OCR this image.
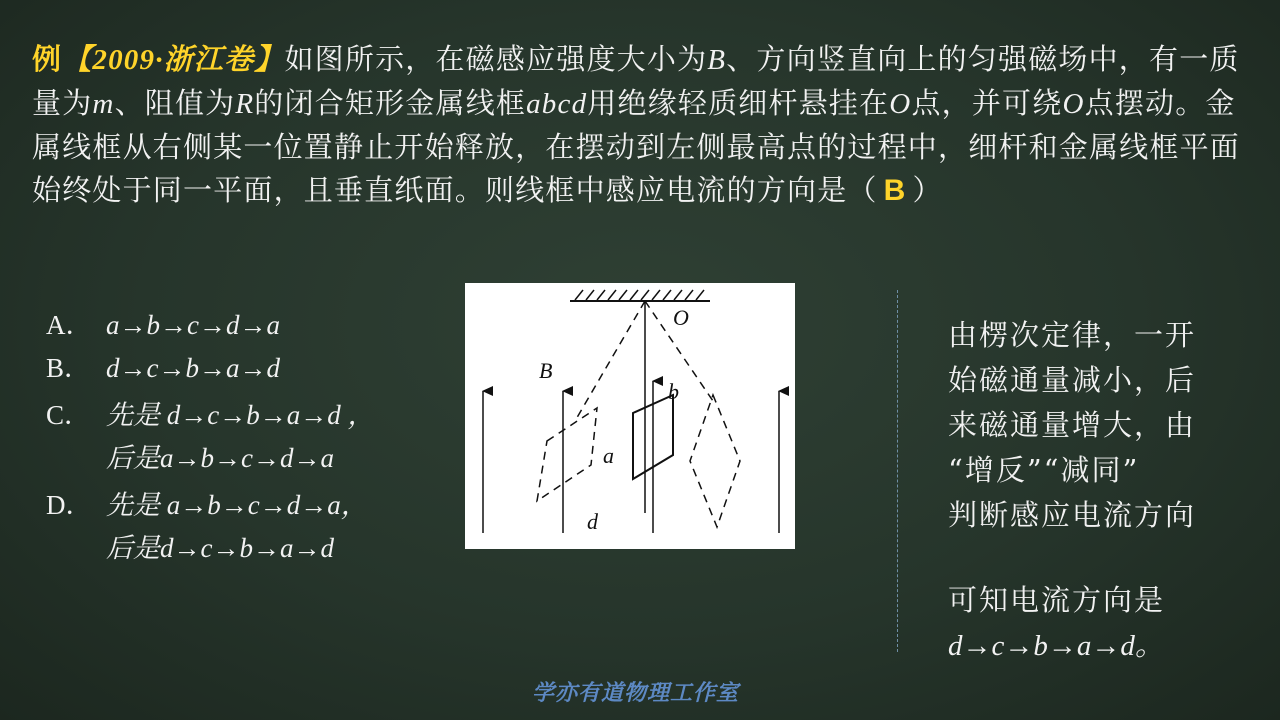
例【2009·浙江卷】如图所示，在磁感应强度大小为B、方向竖直向上的匀强磁场中，有一质量为m、阻值为R的闭合矩形金属线框abcd用绝缘轻质细杆悬挂在O点，并可绕O点摆动。金属线框从右侧某一位置静止开始释放，在摆动到左侧最高点的过程中，细杆和金属线框平面始终处于同一平面，且垂直纸面。则线框中感应电流的方向是（ B ）
A． a→b→c→d→a
B． d→c→b→a→d
C． 先是 d→c→b→a→d ，
后是a→b→c→d→a
D． 先是 a→b→c→d→a，
后是d→c→b→a→d
O
B
b
a
d
由楞次定律，一开
始磁通量减小，后
来磁通量增大，由
“增反”“减同”
判断感应电流方向
可知电流方向是
d→c→b→a→d。
学亦有道物理工作室
